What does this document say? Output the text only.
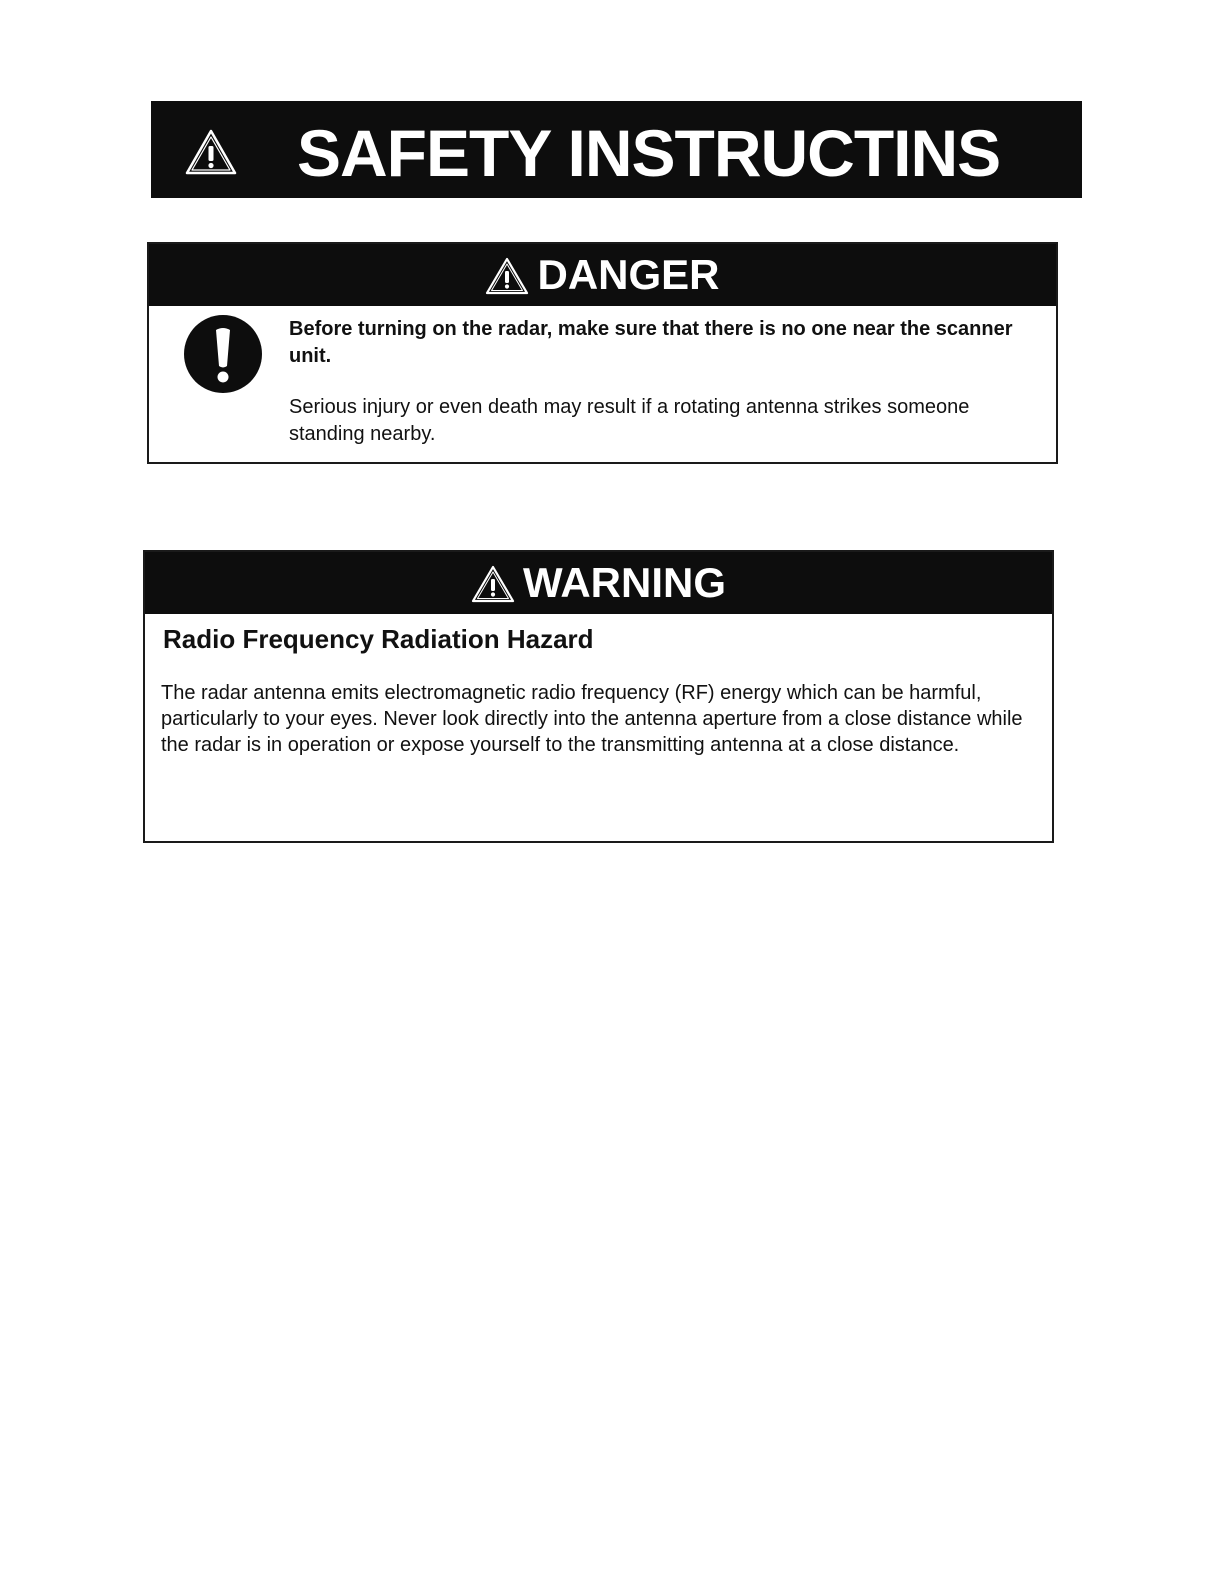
SAFETY INSTRUCTINS
DANGER
Before turning on the radar, make sure that there is no one near the scanner unit.
Serious injury or even death may result if a rotating antenna strikes someone standing nearby.
WARNING
Radio Frequency Radiation Hazard
The radar antenna emits electromagnetic radio frequency (RF) energy which can be harmful, particularly to your eyes. Never look directly into the antenna aperture from a close distance while the radar is in operation or expose yourself to the transmitting antenna at a close distance.
